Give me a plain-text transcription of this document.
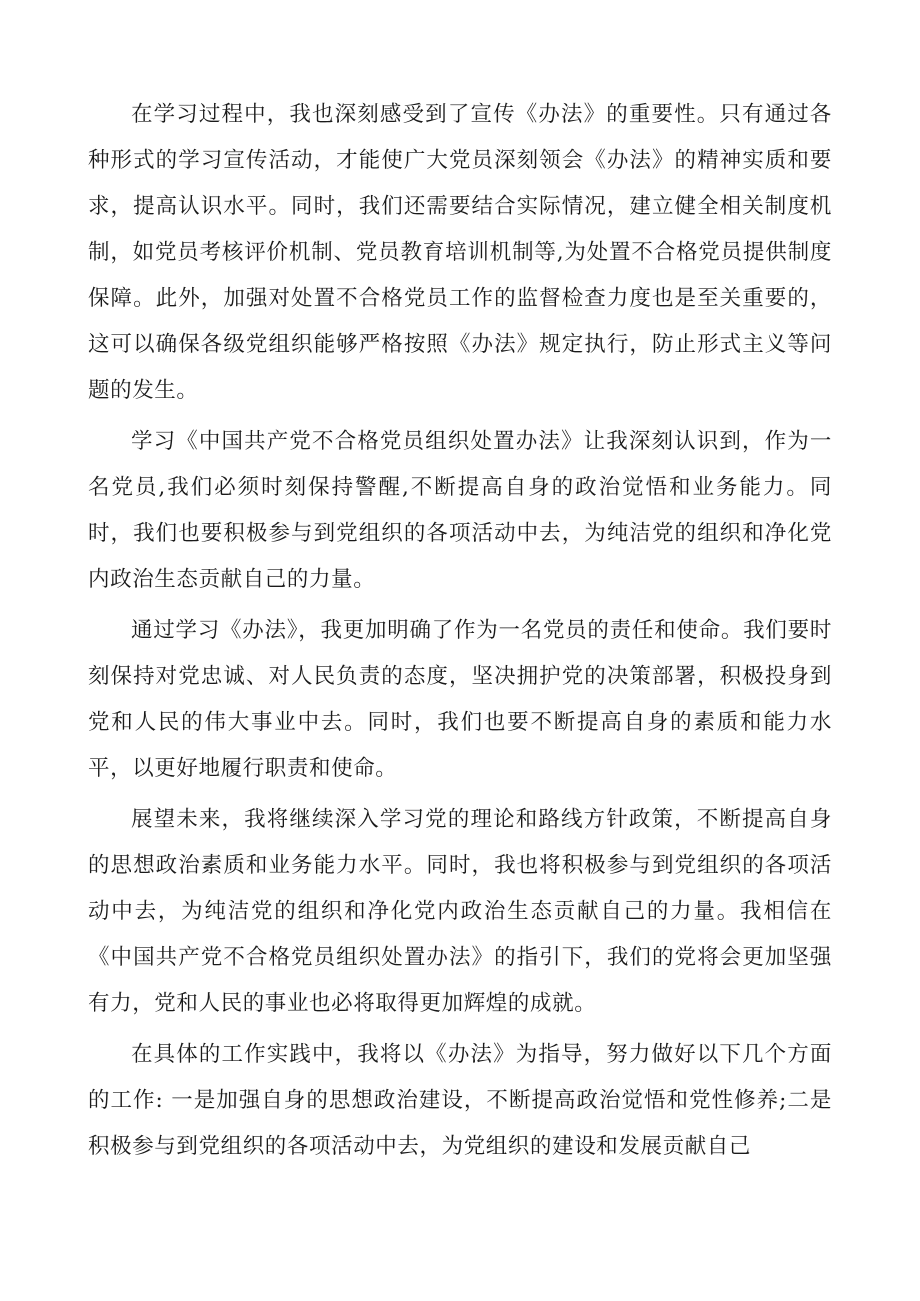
在学习过程中，我也深刻感受到了宣传《办法》的重要性。只有通过各种形式的学习宣传活动，才能使广大党员深刻领会《办法》的精神实质和要求，提高认识水平。同时，我们还需要结合实际情况，建立健全相关制度机制，如党员考核评价机制、党员教育培训机制等,为处置不合格党员提供制度保障。此外，加强对处置不合格党员工作的监督检查力度也是至关重要的，这可以确保各级党组织能够严格按照《办法》规定执行，防止形式主义等问题的发生。

学习《中国共产党不合格党员组织处置办法》让我深刻认识到，作为一名党员,我们必须时刻保持警醒,不断提高自身的政治觉悟和业务能力。同时，我们也要积极参与到党组织的各项活动中去，为纯洁党的组织和净化党内政治生态贡献自己的力量。

通过学习《办法》，我更加明确了作为一名党员的责任和使命。我们要时刻保持对党忠诚、对人民负责的态度，坚决拥护党的决策部署，积极投身到党和人民的伟大事业中去。同时，我们也要不断提高自身的素质和能力水平，以更好地履行职责和使命。

展望未来，我将继续深入学习党的理论和路线方针政策，不断提高自身的思想政治素质和业务能力水平。同时，我也将积极参与到党组织的各项活动中去，为纯洁党的组织和净化党内政治生态贡献自己的力量。我相信在《中国共产党不合格党员组织处置办法》的指引下，我们的党将会更加坚强有力，党和人民的事业也必将取得更加辉煌的成就。

在具体的工作实践中，我将以《办法》为指导，努力做好以下几个方面的工作: 一是加强自身的思想政治建设，不断提高政治觉悟和党性修养;二是积极参与到党组织的各项活动中去，为党组织的建设和发展贡献自己
